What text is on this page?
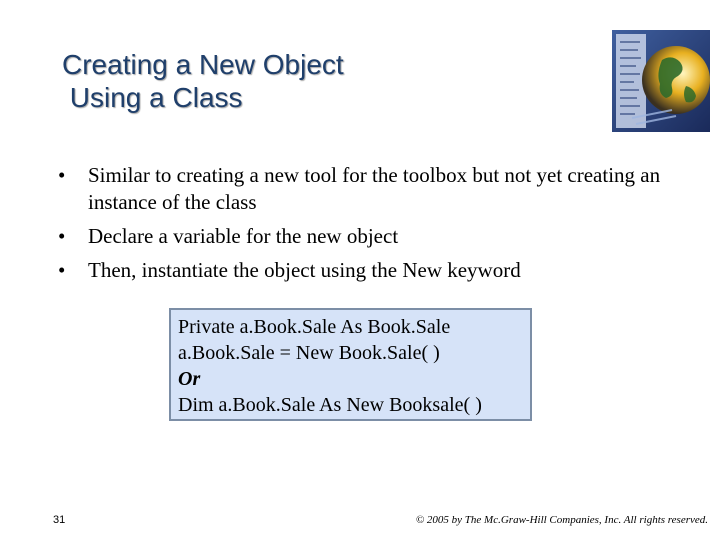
Creating a New Object
Using a Class
•	Similar to creating a new tool for the toolbox but not yet creating an instance of the class
•	Declare a variable for the new object
•	Then, instantiate the object using the New keyword
Private a.Book.Sale As Book.Sale
a.Book.Sale = New Book.Sale( )
Or
Dim a.Book.Sale As New Booksale( )
31	© 2005 by The Mc.Graw-Hill Companies, Inc. All rights reserved.
